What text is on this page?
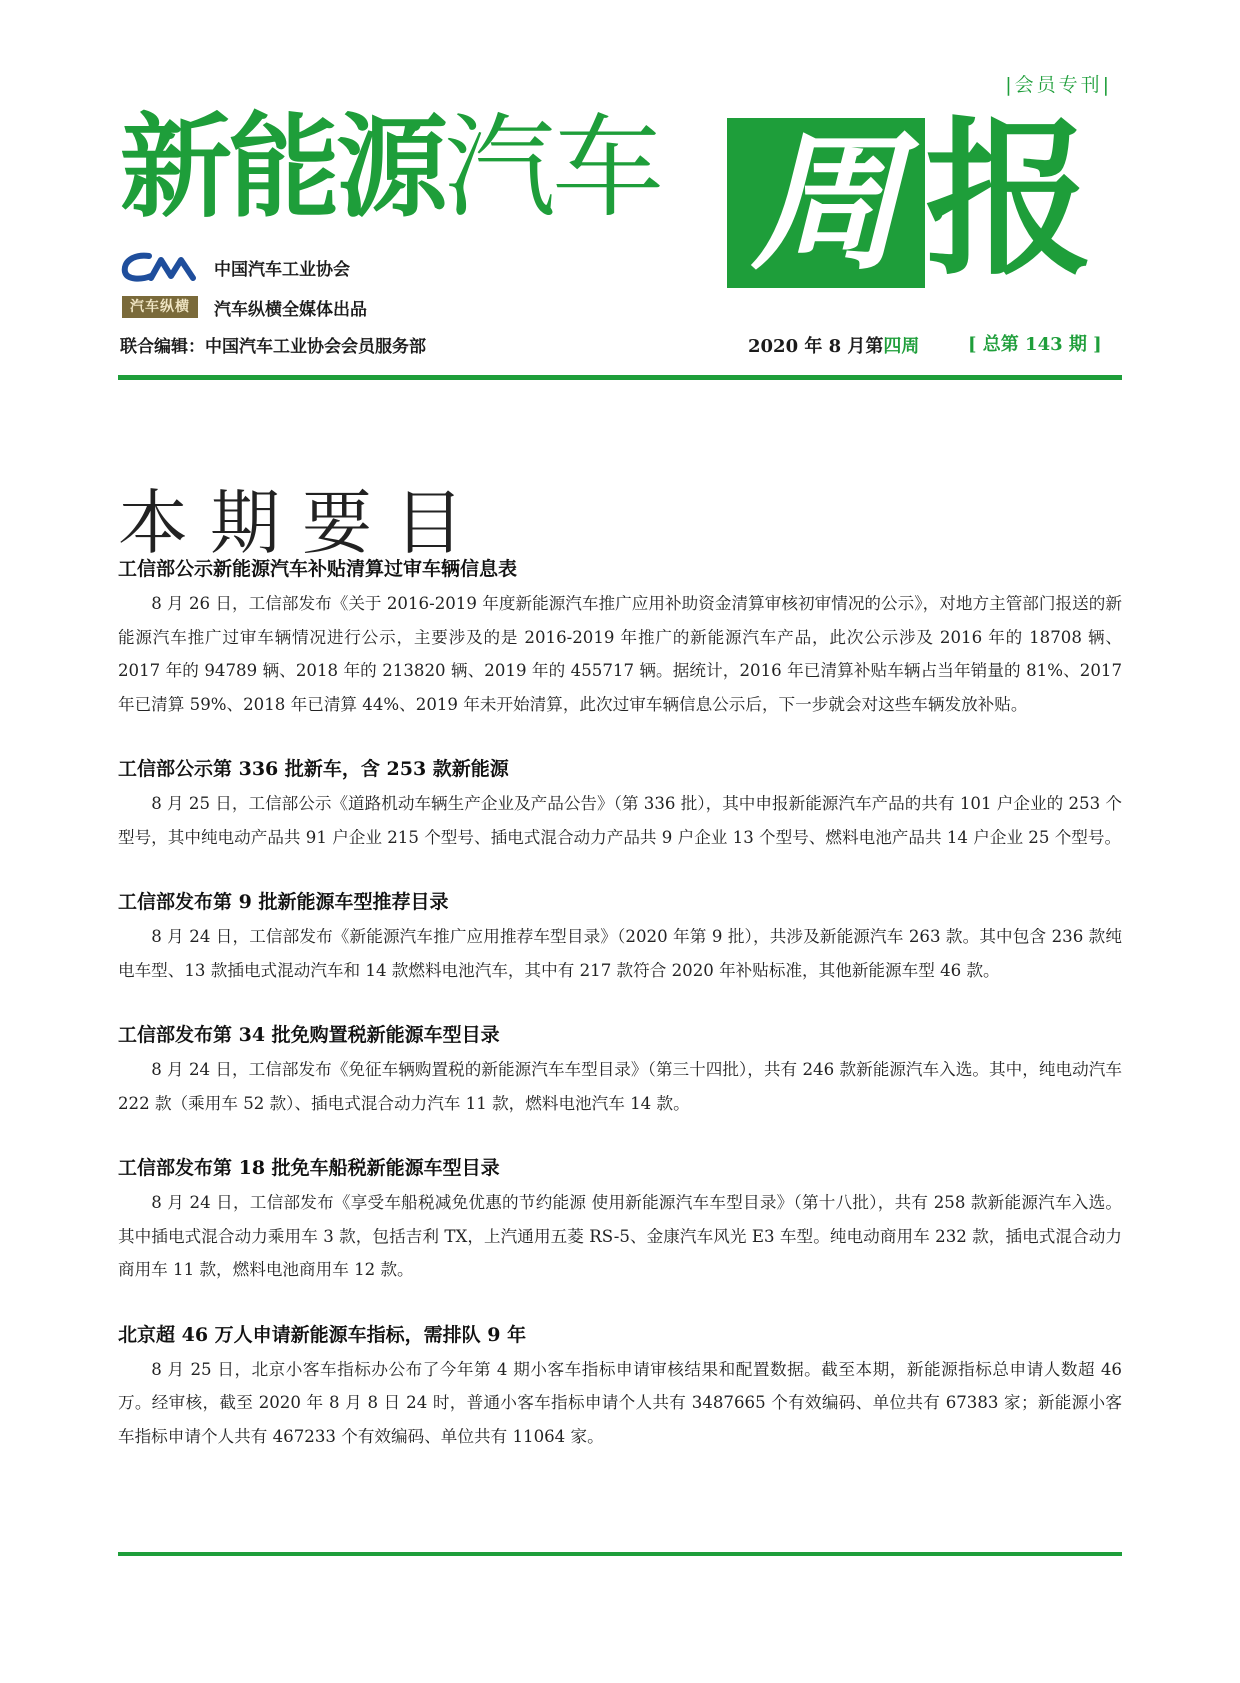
|会员专刊|
新能源汽车 周 报
中国汽车工业协会
汽车纵横	汽车纵横全媒体出品
联合编辑：中国汽车工业协会会员服务部	2020 年 8 月第四周	[ 总第 143 期 ]
本期要目
工信部公示新能源汽车补贴清算过审车辆信息表

8 月 26 日，工信部发布《关于 2016-2019 年度新能源汽车推广应用补助资金清算审核初审情况的公示》，对地方主管部门报送的新能源汽车推广过审车辆情况进行公示，主要涉及的是 2016-2019 年推广的新能源汽车产品，此次公示涉及 2016 年的 18708 辆、2017 年的 94789 辆、2018 年的 213820 辆、2019 年的 455717 辆。据统计，2016 年已清算补贴车辆占当年销量的 81%、2017 年已清算 59%、2018 年已清算 44%、2019 年未开始清算，此次过审车辆信息公示后，下一步就会对这些车辆发放补贴。

工信部公示第 336 批新车，含 253 款新能源

8 月 25 日，工信部公示《道路机动车辆生产企业及产品公告》（第 336 批），其中申报新能源汽车产品的共有 101 户企业的 253 个型号，其中纯电动产品共 91 户企业 215 个型号、插电式混合动力产品共 9 户企业 13 个型号、燃料电池产品共 14 户企业 25 个型号。

工信部发布第 9 批新能源车型推荐目录

8 月 24 日，工信部发布《新能源汽车推广应用推荐车型目录》（2020 年第 9 批），共涉及新能源汽车 263 款。其中包含 236 款纯电车型、13 款插电式混动汽车和 14 款燃料电池汽车，其中有 217 款符合 2020 年补贴标准，其他新能源车型 46 款。

工信部发布第 34 批免购置税新能源车型目录

8 月 24 日，工信部发布《免征车辆购置税的新能源汽车车型目录》（第三十四批），共有 246 款新能源汽车入选。其中，纯电动汽车 222 款（乘用车 52 款）、插电式混合动力汽车 11 款，燃料电池汽车 14 款。

工信部发布第 18 批免车船税新能源车型目录

8 月 24 日，工信部发布《享受车船税减免优惠的节约能源 使用新能源汽车车型目录》（第十八批），共有 258 款新能源汽车入选。其中插电式混合动力乘用车 3 款，包括吉利 TX，上汽通用五菱 RS-5、金康汽车风光 E3 车型。纯电动商用车 232 款，插电式混合动力商用车 11 款，燃料电池商用车 12 款。

北京超 46 万人申请新能源车指标，需排队 9 年

8 月 25 日，北京小客车指标办公布了今年第 4 期小客车指标申请审核结果和配置数据。截至本期，新能源指标总申请人数超 46 万。经审核，截至 2020 年 8 月 8 日 24 时，普通小客车指标申请个人共有 3487665 个有效编码、单位共有 67383 家；新能源小客车指标申请个人共有 467233 个有效编码、单位共有 11064 家。
